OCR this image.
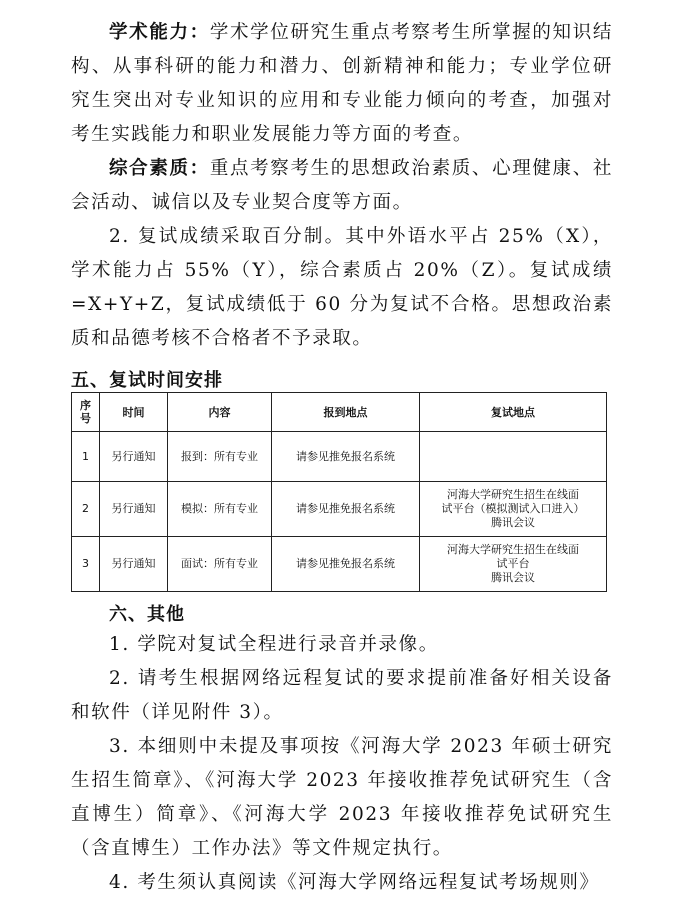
学术能力：学术学位研究生重点考察考生所掌握的知识结构、从事科研的能力和潜力、创新精神和能力；专业学位研究生突出对专业知识的应用和专业能力倾向的考查，加强对考生实践能力和职业发展能力等方面的考查。

综合素质：重点考察考生的思想政治素质、心理健康、社会活动、诚信以及专业契合度等方面。

2. 复试成绩采取百分制。其中外语水平占 25%（X），学术能力占 55%（Y），综合素质占 20%（Z）。复试成绩=X+Y+Z，复试成绩低于 60 分为复试不合格。思想政治素质和品德考核不合格者不予录取。

五、复试时间安排
序号	时间	内容	报到地点	复试地点
1	另行通知	报到：所有专业	请参见推免报名系统	
2	另行通知	模拟：所有专业	请参见推免报名系统	河海大学研究生招生在线面
试平台（模拟测试入口进入）
腾讯会议

3	另行通知	面试：所有专业	请参见推免报名系统	河海大学研究生招生在线面
试平台
腾讯会议
六、其他

1. 学院对复试全程进行录音并录像。

2. 请考生根据网络远程复试的要求提前准备好相关设备和软件（详见附件 3）。

3. 本细则中未提及事项按《河海大学 2023 年硕士研究生招生简章》、《河海大学 2023 年接收推荐免试研究生（含直博生）简章》、《河海大学 2023 年接收推荐免试研究生（含直博生）工作办法》等文件规定执行。

4. 考生须认真阅读《河海大学网络远程复试考场规则》
